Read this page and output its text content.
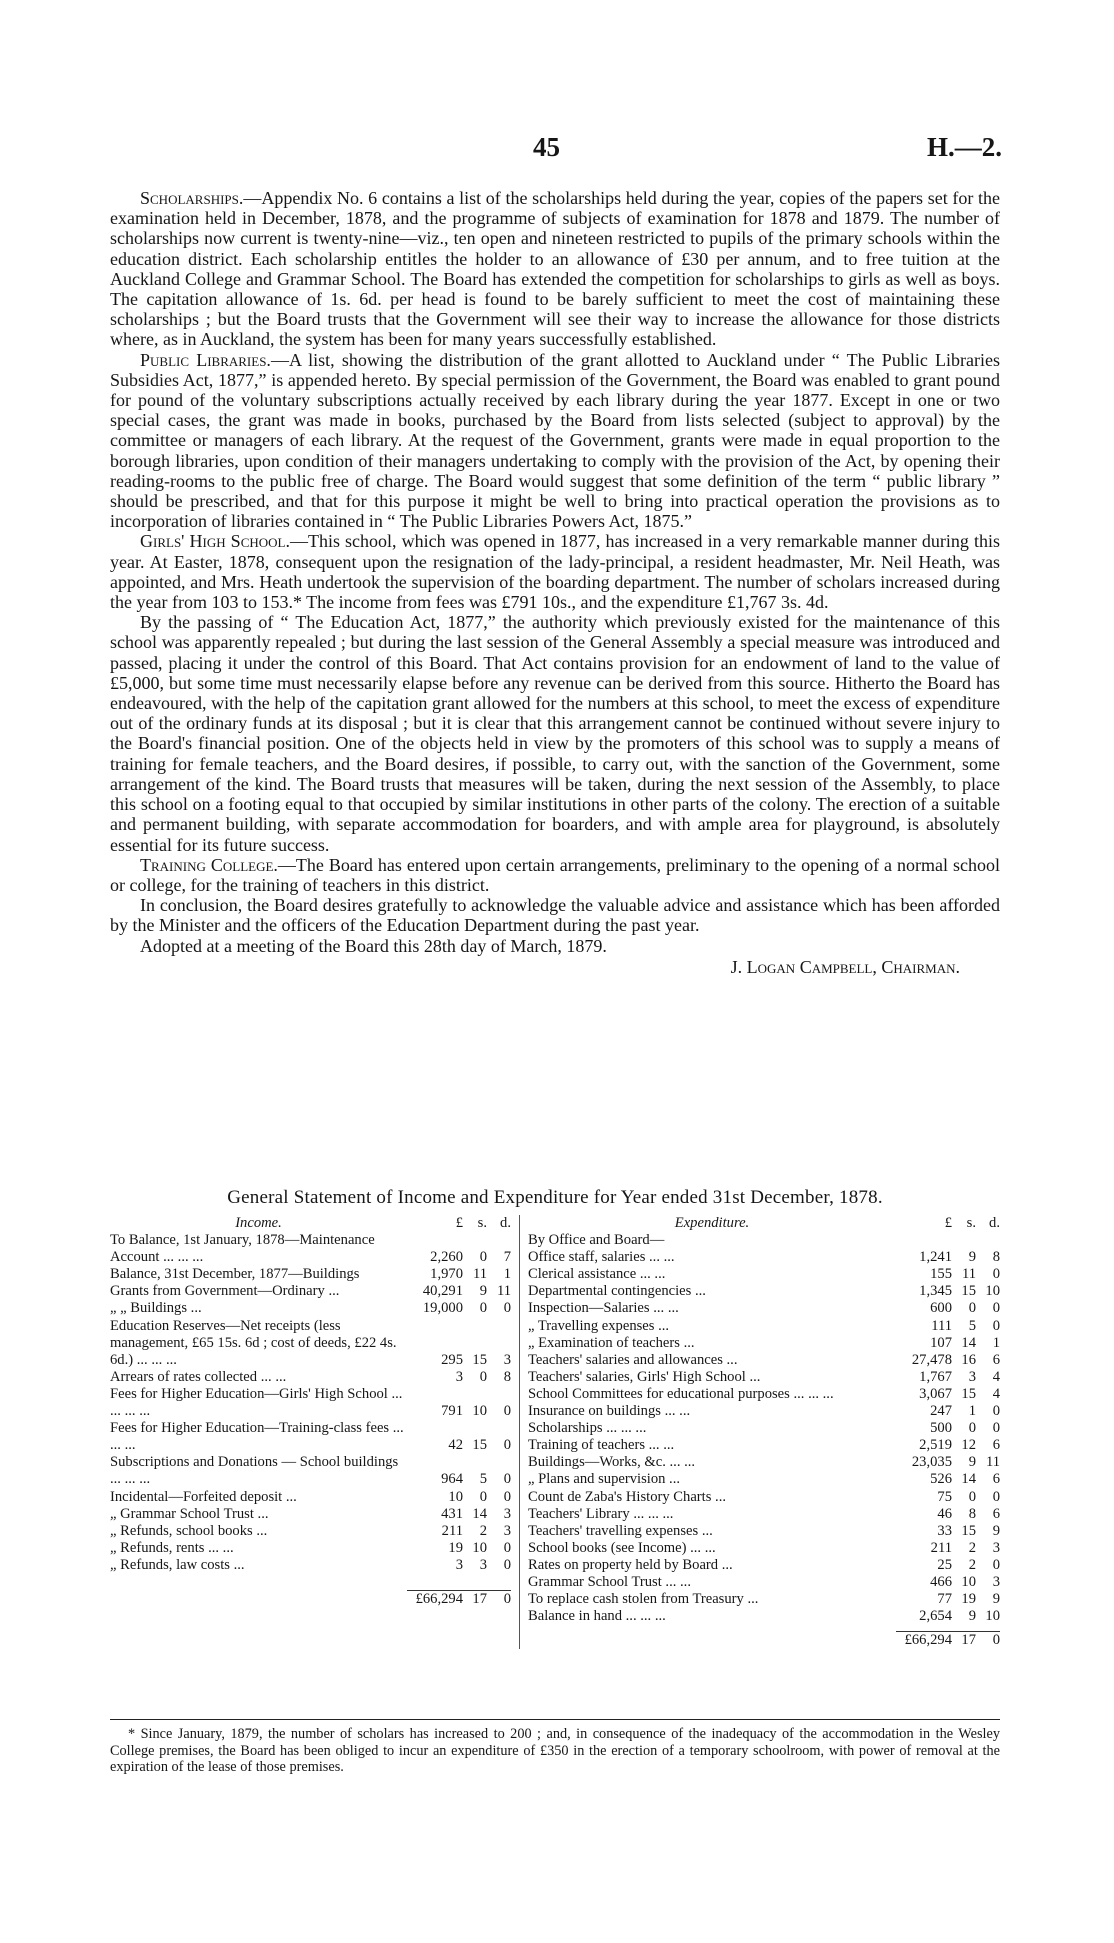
45	H.—2.

Scholarships.—Appendix No. 6 contains a list of the scholarships held during the year, copies of the papers set for the examination held in December, 1878, and the programme of subjects of examination for 1878 and 1879. The number of scholarships now current is twenty-nine—viz., ten open and nineteen restricted to pupils of the primary schools within the education district. Each scholarship entitles the holder to an allowance of £30 per annum, and to free tuition at the Auckland College and Grammar School. The Board has extended the competition for scholarships to girls as well as boys. The capitation allowance of 1s. 6d. per head is found to be barely sufficient to meet the cost of maintaining these scholarships ; but the Board trusts that the Government will see their way to increase the allowance for those districts where, as in Auckland, the system has been for many years successfully established.

Public Libraries.—A list, showing the distribution of the grant allotted to Auckland under “ The Public Libraries Subsidies Act, 1877,” is appended hereto. By special permission of the Government, the Board was enabled to grant pound for pound of the voluntary subscriptions actually received by each library during the year 1877. Except in one or two special cases, the grant was made in books, purchased by the Board from lists selected (subject to approval) by the committee or managers of each library. At the request of the Government, grants were made in equal proportion to the borough libraries, upon condition of their managers undertaking to comply with the provision of the Act, by opening their reading-rooms to the public free of charge. The Board would suggest that some definition of the term “ public library ” should be prescribed, and that for this purpose it might be well to bring into practical operation the provisions as to incorporation of libraries contained in “ The Public Libraries Powers Act, 1875.”

Girls' High School.—This school, which was opened in 1877, has increased in a very remarkable manner during this year. At Easter, 1878, consequent upon the resignation of the lady-principal, a resident headmaster, Mr. Neil Heath, was appointed, and Mrs. Heath undertook the supervision of the boarding department. The number of scholars increased during the year from 103 to 153.* The income from fees was £791 10s., and the expenditure £1,767 3s. 4d.

By the passing of “ The Education Act, 1877,” the authority which previously existed for the maintenance of this school was apparently repealed ; but during the last session of the General Assembly a special measure was introduced and passed, placing it under the control of this Board. That Act contains provision for an endowment of land to the value of £5,000, but some time must necessarily elapse before any revenue can be derived from this source. Hitherto the Board has endeavoured, with the help of the capitation grant allowed for the numbers at this school, to meet the excess of expenditure out of the ordinary funds at its disposal ; but it is clear that this arrangement cannot be continued without severe injury to the Board's financial position. One of the objects held in view by the promoters of this school was to supply a means of training for female teachers, and the Board desires, if possible, to carry out, with the sanction of the Government, some arrangement of the kind. The Board trusts that measures will be taken, during the next session of the Assembly, to place this school on a footing equal to that occupied by similar institutions in other parts of the colony. The erection of a suitable and permanent building, with separate accommodation for boarders, and with ample area for playground, is absolutely essential for its future success.

Training College.—The Board has entered upon certain arrangements, preliminary to the opening of a normal school or college, for the training of teachers in this district.

In conclusion, the Board desires gratefully to acknowledge the valuable advice and assistance which has been afforded by the Minister and the officers of the Education Department during the past year.

Adopted at a meeting of the Board this 28th day of March, 1879.

J. Logan Campbell, Chairman.
General Statement of Income and Expenditure for Year ended 31st December, 1878.
Income.	£	s. d.
To Balance, 1st January, 1878—Maintenance Account ... ... ...	2,260	0	7
Balance, 31st December, 1877—Buildings	1,970 11	1
Grants from Government—Ordinary ...	40,291	9 11
„ „ Buildings ...	19,000	0	0
Education Reserves—Net receipts (less management, £65 15s. 6d ; cost of deeds, £22 4s. 6d.) ... ... ...	295 15	3
Arrears of rates collected ... ...	3	0	8
Fees for Higher Education—Girls' High School ... ... ... ...	791 10	0
Fees for Higher Education—Training-class fees ... ... ...	42 15	0
Subscriptions and Donations — School buildings ... ... ...	964	5	0
Incidental—Forfeited deposit ...	10	0	0
„ Grammar School Trust ...	431 14	3
„ Refunds, school books ...	211	2	3
„ Refunds, rents ... ...	19 10	0
„ Refunds, law costs ...	3	3	0
£66,294 17	0
Expenditure.	£	s. d.
By Office and Board—
Office staff, salaries ... ...	1,241	9	8
Clerical assistance ... ...	155 11	0
Departmental contingencies ...	1,345 15 10
Inspection—Salaries ... ...	600	0	0
„ Travelling expenses ...	111	5	0
„ Examination of teachers ...	107 14	1
Teachers' salaries and allowances ...	27,478 16	6
Teachers' salaries, Girls' High School ...	1,767	3	4
School Committees for educational purposes ... ... ...	3,067 15	4
Insurance on buildings ... ...	247	1	0
Scholarships ... ... ...	500	0	0
Training of teachers ... ...	2,519 12	6
Buildings—Works, &c. ... ...	23,035	9 11
„ Plans and supervision ...	526 14	6
Count de Zaba's History Charts ...	75	0	0
Teachers' Library ... ... ...	46	8	6
Teachers' travelling expenses ...	33 15	9
School books (see Income) ... ...	211	2	3
Rates on property held by Board ...	25	2	0
Grammar School Trust ... ...	466 10	3
To replace cash stolen from Treasury ...	77 19	9
Balance in hand ... ... ...	2,654	9 10
£66,294 17	0
* Since January, 1879, the number of scholars has increased to 200 ; and, in consequence of the inadequacy of the accommodation in the Wesley College premises, the Board has been obliged to incur an expenditure of £350 in the erection of a temporary schoolroom, with power of removal at the expiration of the lease of those premises.
